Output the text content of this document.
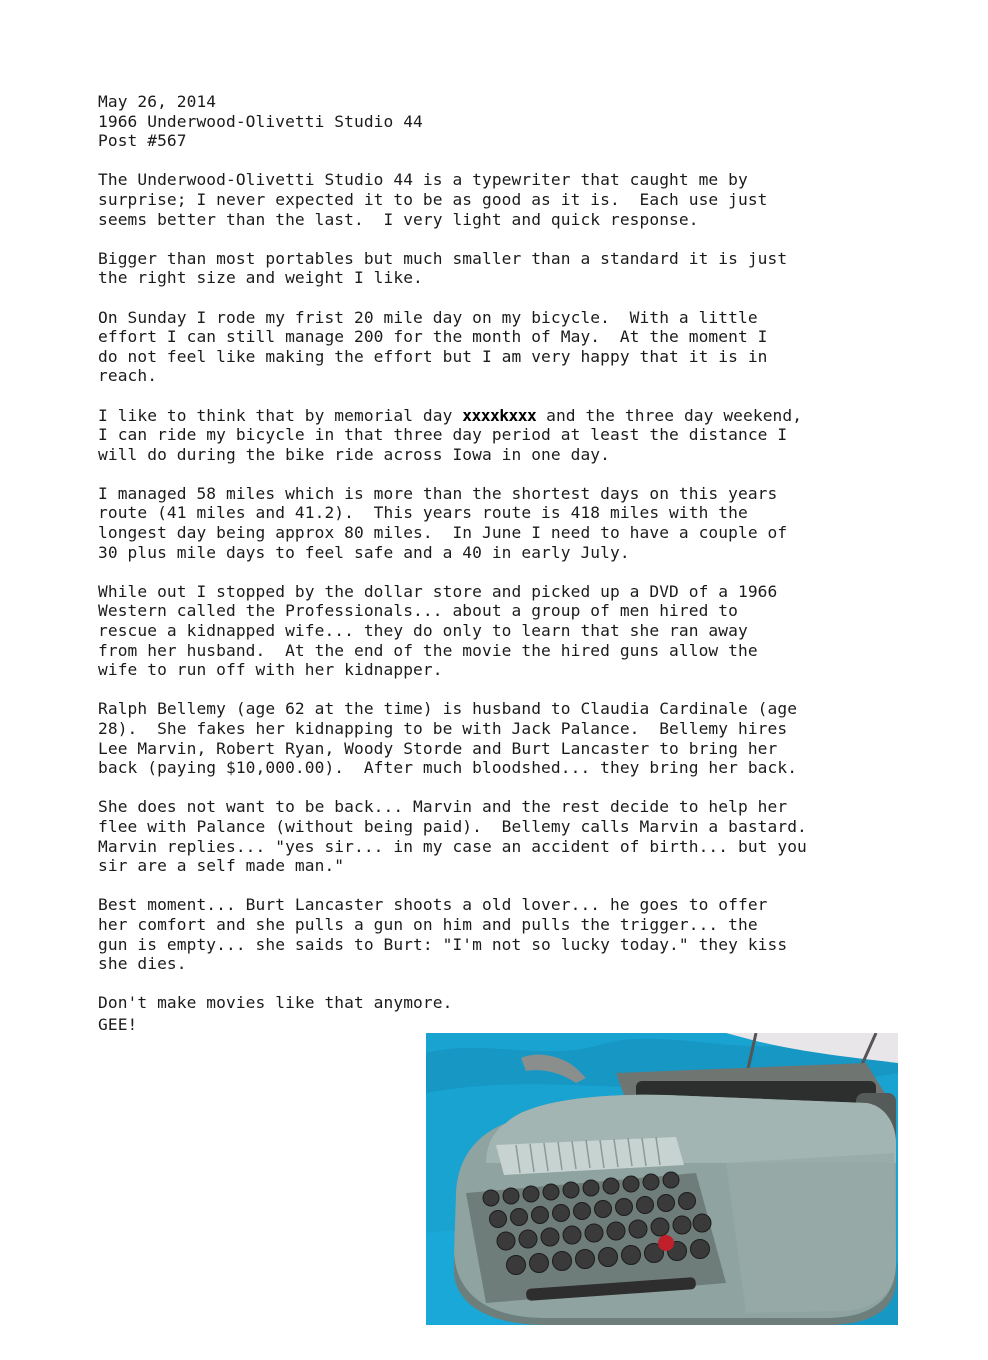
May 26, 2014
1966 Underwood-Olivetti Studio 44
Post #567
The Underwood-Olivetti Studio 44 is a typewriter that caught me by
surprise; I never expected it to be as good as it is.  Each use just
seems better than the last.  I very light and quick response.
Bigger than most portables but much smaller than a standard it is just
the right size and weight I like.
On Sunday I rode my frist 20 mile day on my bicycle.  With a little
effort I can still manage 200 for the month of May.  At the moment I
do not feel like making the effort but I am very happy that it is in
reach.
I like to think that by memorial day xxxxkxxx and the three day weekend,
I can ride my bicycle in that three day period at least the distance I
will do during the bike ride across Iowa in one day.
I managed 58 miles which is more than the shortest days on this years
route (41 miles and 41.2).  This years route is 418 miles with the
longest day being approx 80 miles.  In June I need to have a couple of
30 plus mile days to feel safe and a 40 in early July.
While out I stopped by the dollar store and picked up a DVD of a 1966
Western called the Professionals... about a group of men hired to
rescue a kidnapped wife... they do only to learn that she ran away
from her husband.  At the end of the movie the hired guns allow the
wife to run off with her kidnapper.
Ralph Bellemy (age 62 at the time) is husband to Claudia Cardinale (age
28).  She fakes her kidnapping to be with Jack Palance.  Bellemy hires
Lee Marvin, Robert Ryan, Woody Storde and Burt Lancaster to bring her
back (paying $10,000.00).  After much bloodshed... they bring her back.
She does not want to be back... Marvin and the rest decide to help her
flee with Palance (without being paid).  Bellemy calls Marvin a bastard.
Marvin replies... "yes sir... in my case an accident of birth... but you
sir are a self made man."
Best moment... Burt Lancaster shoots a old lover... he goes to offer
her comfort and she pulls a gun on him and pulls the trigger... the
gun is empty... she saids to Burt: "I'm not so lucky today." they kiss
she dies.
Don't make movies like that anymore.
GEE!
